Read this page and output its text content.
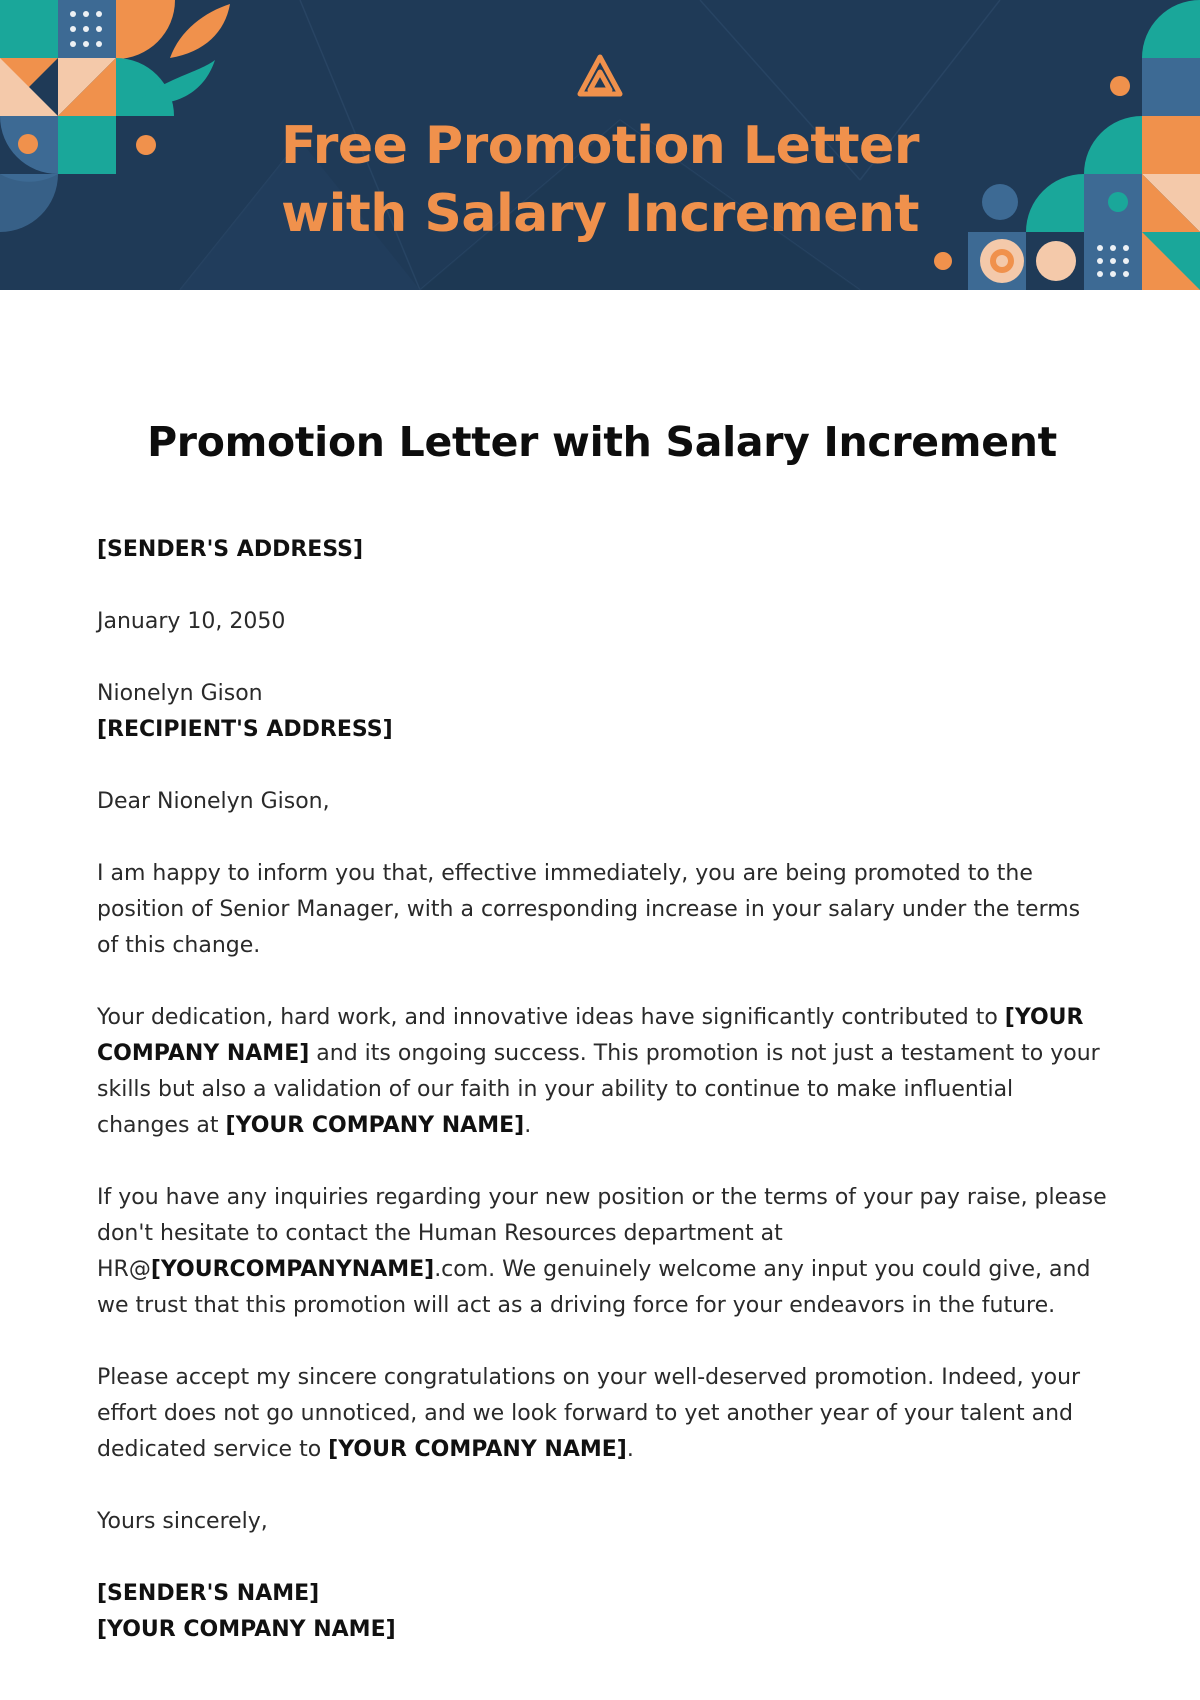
Free Promotion Letter
with Salary Increment
Promotion Letter with Salary Increment

[SENDER'S ADDRESS]

January 10, 2050

Nionelyn Gison
[RECIPIENT'S ADDRESS]

Dear Nionelyn Gison,

I am happy to inform you that, effective immediately, you are being promoted to the position of Senior Manager, with a corresponding increase in your salary under the terms of this change.

Your dedication, hard work, and innovative ideas have significantly contributed to [YOUR COMPANY NAME] and its ongoing success. This promotion is not just a testament to your skills but also a validation of our faith in your ability to continue to make influential changes at [YOUR COMPANY NAME].

If you have any inquiries regarding your new position or the terms of your pay raise, please don't hesitate to contact the Human Resources department at HR@[YOURCOMPANYNAME].com. We genuinely welcome any input you could give, and we trust that this promotion will act as a driving force for your endeavors in the future.

Please accept my sincere congratulations on your well-deserved promotion. Indeed, your effort does not go unnoticed, and we look forward to yet another year of your talent and dedicated service to [YOUR COMPANY NAME].

Yours sincerely,

[SENDER'S NAME]
[YOUR COMPANY NAME]
